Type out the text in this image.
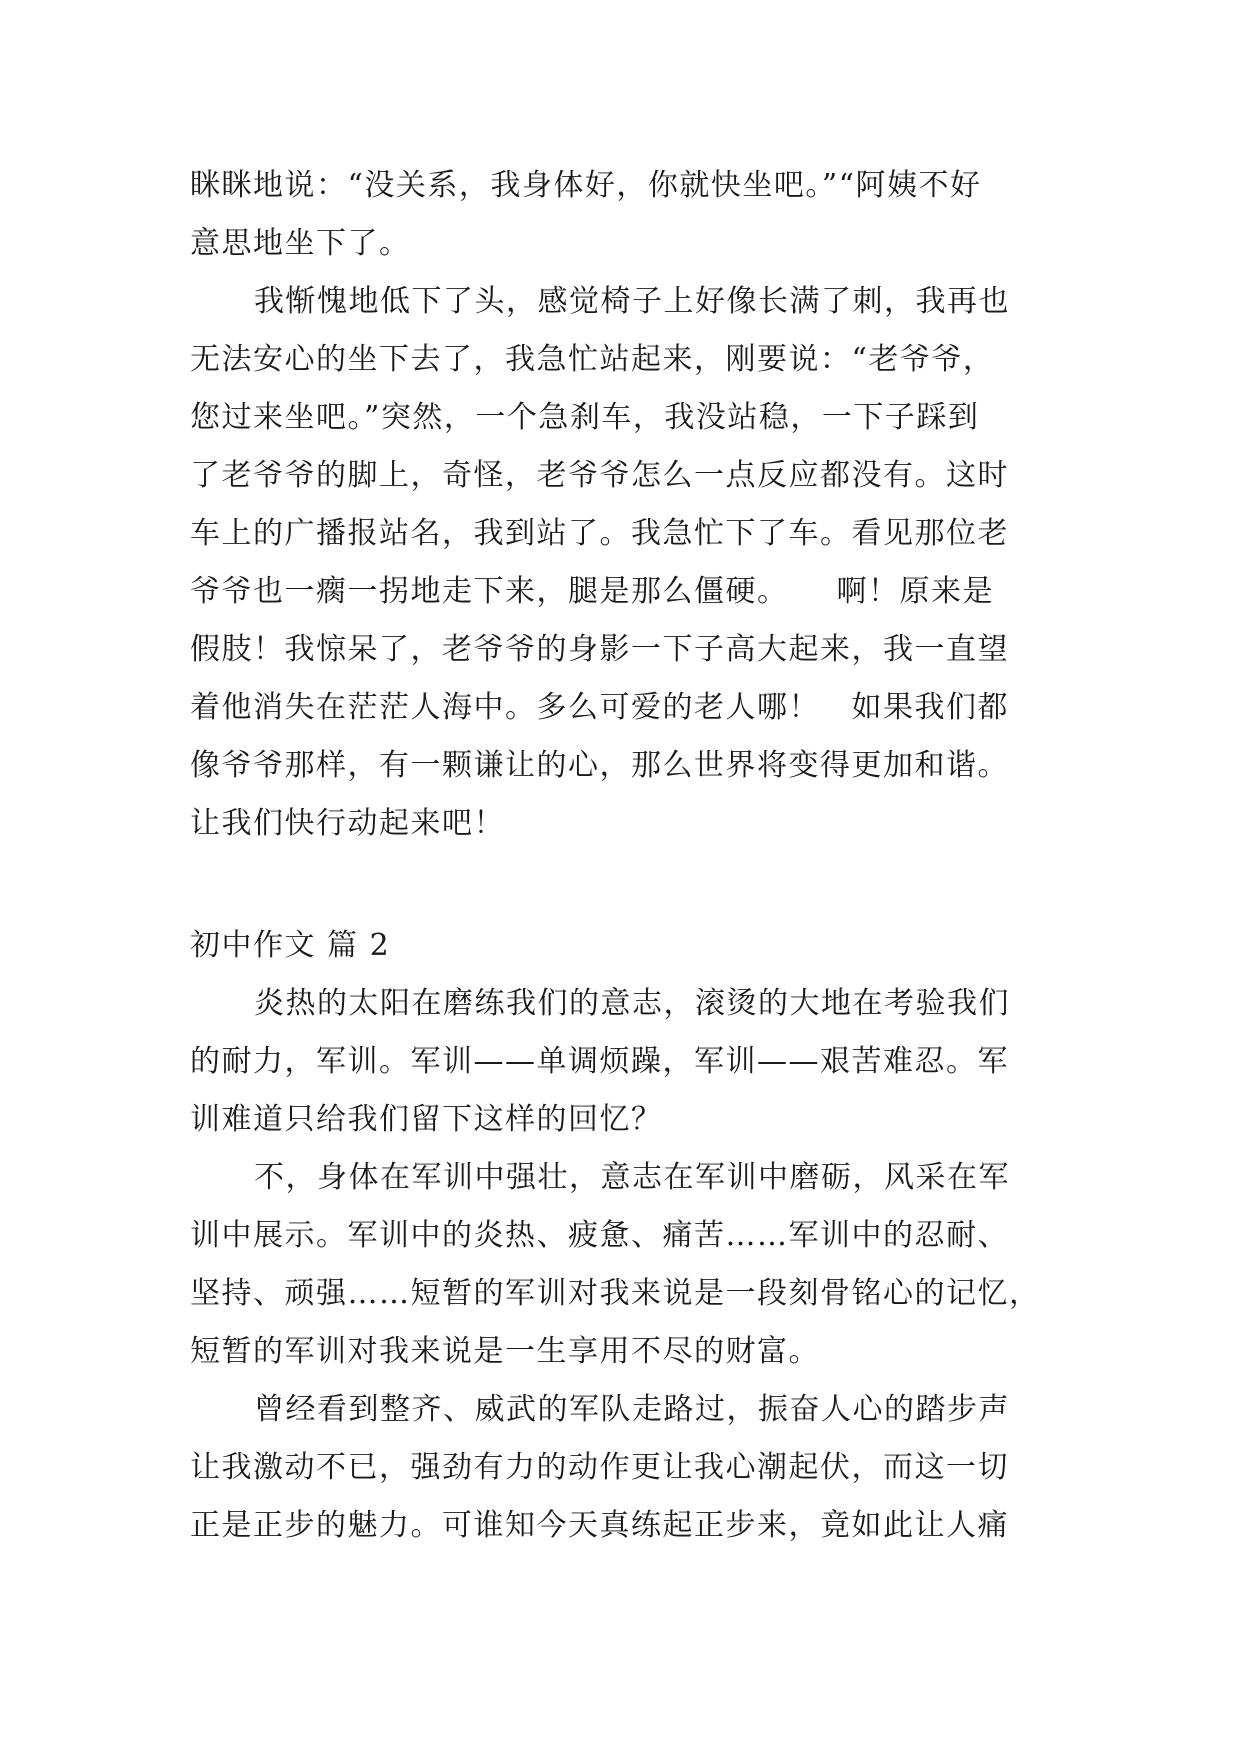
眯眯地说：“没关系，我身体好，你就快坐吧。”“阿姨不好
意思地坐下了。
我惭愧地低下了头，感觉椅子上好像长满了刺，我再也
无法安心的坐下去了，我急忙站起来，刚要说：“老爷爷，
您过来坐吧。”突然，一个急刹车，我没站稳，一下子踩到
了老爷爷的脚上，奇怪，老爷爷怎么一点反应都没有。这时
车上的广播报站名，我到站了。我急忙下了车。看见那位老
爷爷也一瘸一拐地走下来，腿是那么僵硬。　　啊！原来是
假肢！我惊呆了，老爷爷的身影一下子高大起来，我一直望
着他消失在茫茫人海中。多么可爱的老人哪！　如果我们都
像爷爷那样，有一颗谦让的心，那么世界将变得更加和谐。
让我们快行动起来吧！
初中作文 篇 2
炎热的太阳在磨练我们的意志，滚烫的大地在考验我们
的耐力，军训。军训——单调烦躁，军训——艰苦难忍。军
训难道只给我们留下这样的回忆？
不，身体在军训中强壮，意志在军训中磨砺，风采在军
训中展示。军训中的炎热、疲惫、痛苦……军训中的忍耐、
坚持、顽强……短暂的军训对我来说是一段刻骨铭心的记忆，
短暂的军训对我来说是一生享用不尽的财富。
曾经看到整齐、威武的军队走路过，振奋人心的踏步声
让我激动不已，强劲有力的动作更让我心潮起伏，而这一切
正是正步的魅力。可谁知今天真练起正步来，竟如此让人痛
